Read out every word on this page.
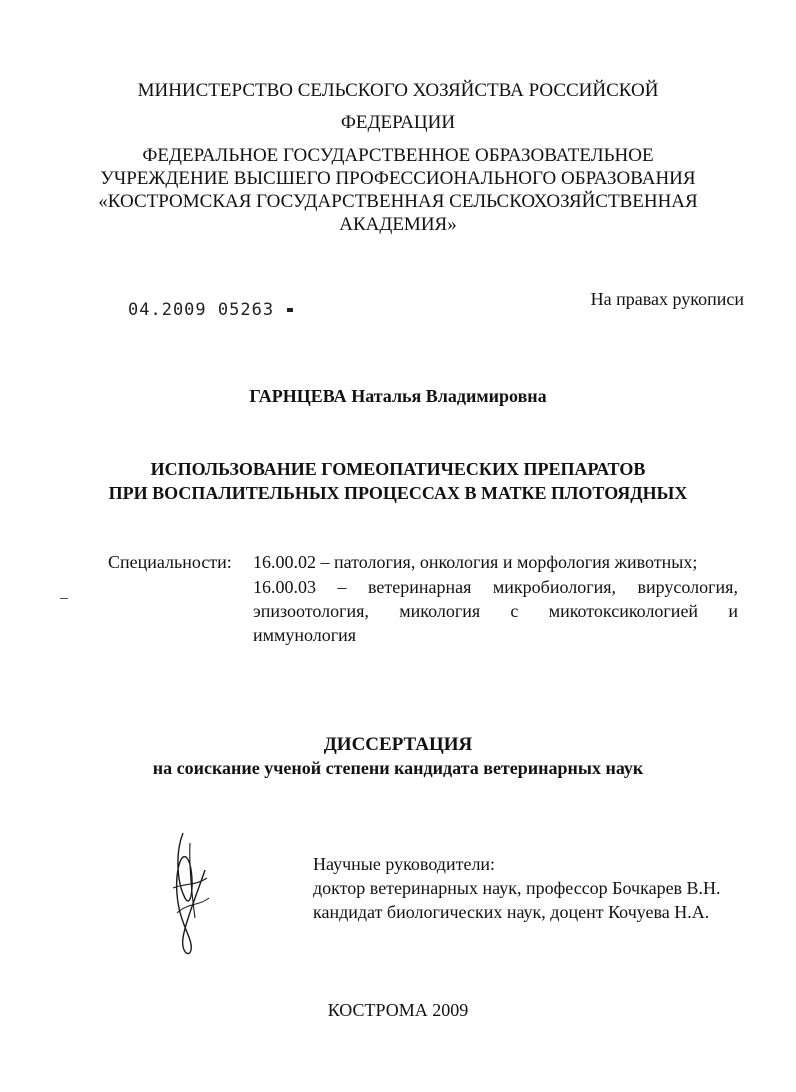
МИНИСТЕРСТВО СЕЛЬСКОГО ХОЗЯЙСТВА РОССИЙСКОЙ
ФЕДЕРАЦИИ
ФЕДЕРАЛЬНОЕ ГОСУДАРСТВЕННОЕ ОБРАЗОВАТЕЛЬНОЕ
УЧРЕЖДЕНИЕ ВЫСШЕГО ПРОФЕССИОНАЛЬНОГО ОБРАЗОВАНИЯ
«КОСТРОМСКАЯ ГОСУДАРСТВЕННАЯ СЕЛЬСКОХОЗЯЙСТВЕННАЯ
АКАДЕМИЯ»
04.2009 05263
На правах рукописи
ГАРНЦЕВА Наталья Владимировна
ИСПОЛЬЗОВАНИЕ ГОМЕОПАТИЧЕСКИХ ПРЕПАРАТОВ
ПРИ ВОСПАЛИТЕЛЬНЫХ ПРОЦЕССАХ В МАТКЕ ПЛОТОЯДНЫХ
Специальности: 16.00.02 – патология, онкология и морфология животных;
16.00.03 – ветеринарная микробиология, вирусология,
эпизоотология, микология с микотоксикологией и
иммунология
ДИССЕРТАЦИЯ
на соискание ученой степени кандидата ветеринарных наук
Научные руководители:
доктор ветеринарных наук, профессор Бочкарев В.Н.
кандидат биологических наук, доцент Кочуева Н.А.
КОСТРОМА 2009
